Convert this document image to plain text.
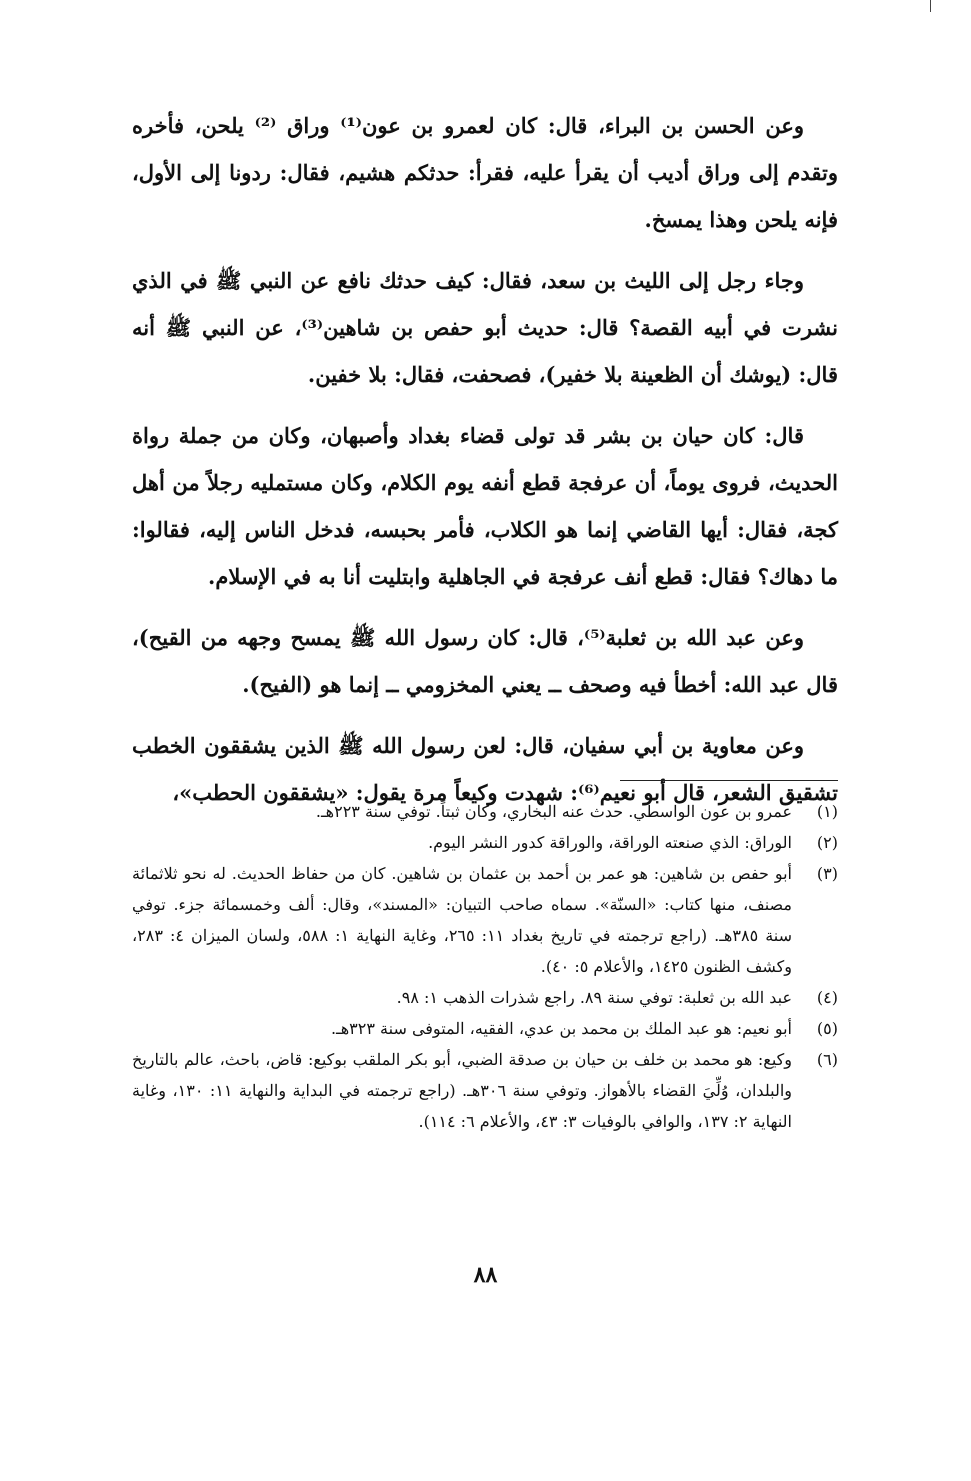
وعن الحسن بن البراء، قال: كان لعمرو بن عون⁽¹⁾ وراق ⁽²⁾ يلحن، فأخره وتقدم إلى وراق أديب أن يقرأ عليه، فقرأ: حدثكم هشيم، فقال: ردونا إلى الأول، فإنه يلحن وهذا يمسخ.

وجاء رجل إلى الليث بن سعد، فقال: كيف حدثك نافع عن النبي ﷺ في الذي نشرت في أبيه القصة؟ قال: حديث أبو حفص بن شاهين⁽³⁾، عن النبي ﷺ أنه قال: (يوشك أن الظعينة بلا خفير)، فصحفت، فقال: بلا خفين.

قال: كان حيان بن بشر قد تولى قضاء بغداد وأصبهان، وكان من جملة رواة الحديث، فروى يوماً، أن عرفجة قطع أنفه يوم الكلام، وكان مستمليه رجلاً من أهل كجة، فقال: أيها القاضي إنما هو الكلاب، فأمر بحبسه، فدخل الناس إليه، فقالوا: ما دهاك؟ فقال: قطع أنف عرفجة في الجاهلية وابتليت أنا به في الإسلام.

وعن عبد الله بن ثعلبة⁽⁵⁾، قال: كان رسول الله ﷺ يمسح وجهه من القيح)، قال عبد الله: أخطأ فيه وصحف ــ يعني المخزومي ــ إنما هو (الفيح).

وعن معاوية بن أبي سفيان، قال: لعن رسول الله ﷺ الذين يشققون الخطب تشقيق الشعر، قال أبو نعيم⁽⁶⁾: شهدت وكيعاً مرة يقول: «يشققون الحطب»،

(١)
عمرو بن عون الواسطي. حدث عنه البخاري، وكان ثبتاً. توفي سنة ٢٢٣هـ.
(٢)
الوراق: الذي صنعته الوراقة، والوراقة كدور النشر اليوم.
(٣)
أبو حفص بن شاهين: هو عمر بن أحمد بن عثمان بن شاهين. كان من حفاظ الحديث. له نحو ثلاثمائة مصنف، منها كتاب: «السنّة». سماه صاحب التبيان: «المسند»، وقال: ألف وخمسمائة جزء. توفي سنة ٣٨٥هـ. (راجع ترجمته في تاريخ بغداد ١١: ٢٦٥، وغاية النهاية ١: ٥٨٨، ولسان الميزان ٤: ٢٨٣، وكشف الظنون ١٤٢٥، والأعلام ٥: ٤٠).
(٤)
عبد الله بن ثعلبة: توفي سنة ٨٩. راجع شذرات الذهب ١: ٩٨.
(٥)
أبو نعيم: هو عبد الملك بن محمد بن عدي، الفقيه، المتوفى سنة ٣٢٣هـ.
(٦)
وكيع: هو محمد بن خلف بن حيان بن صدقة الضبي، أبو بكر الملقب بوكيع: قاض، باحث، عالم بالتاريخ والبلدان، وُلِّيَ القضاء بالأهواز. وتوفي سنة ٣٠٦هـ. (راجع ترجمته في البداية والنهاية ١١: ١٣٠، وغاية النهاية ٢: ١٣٧، والوافي بالوفيات ٣: ٤٣، والأعلام ٦: ١١٤).
٨٨
